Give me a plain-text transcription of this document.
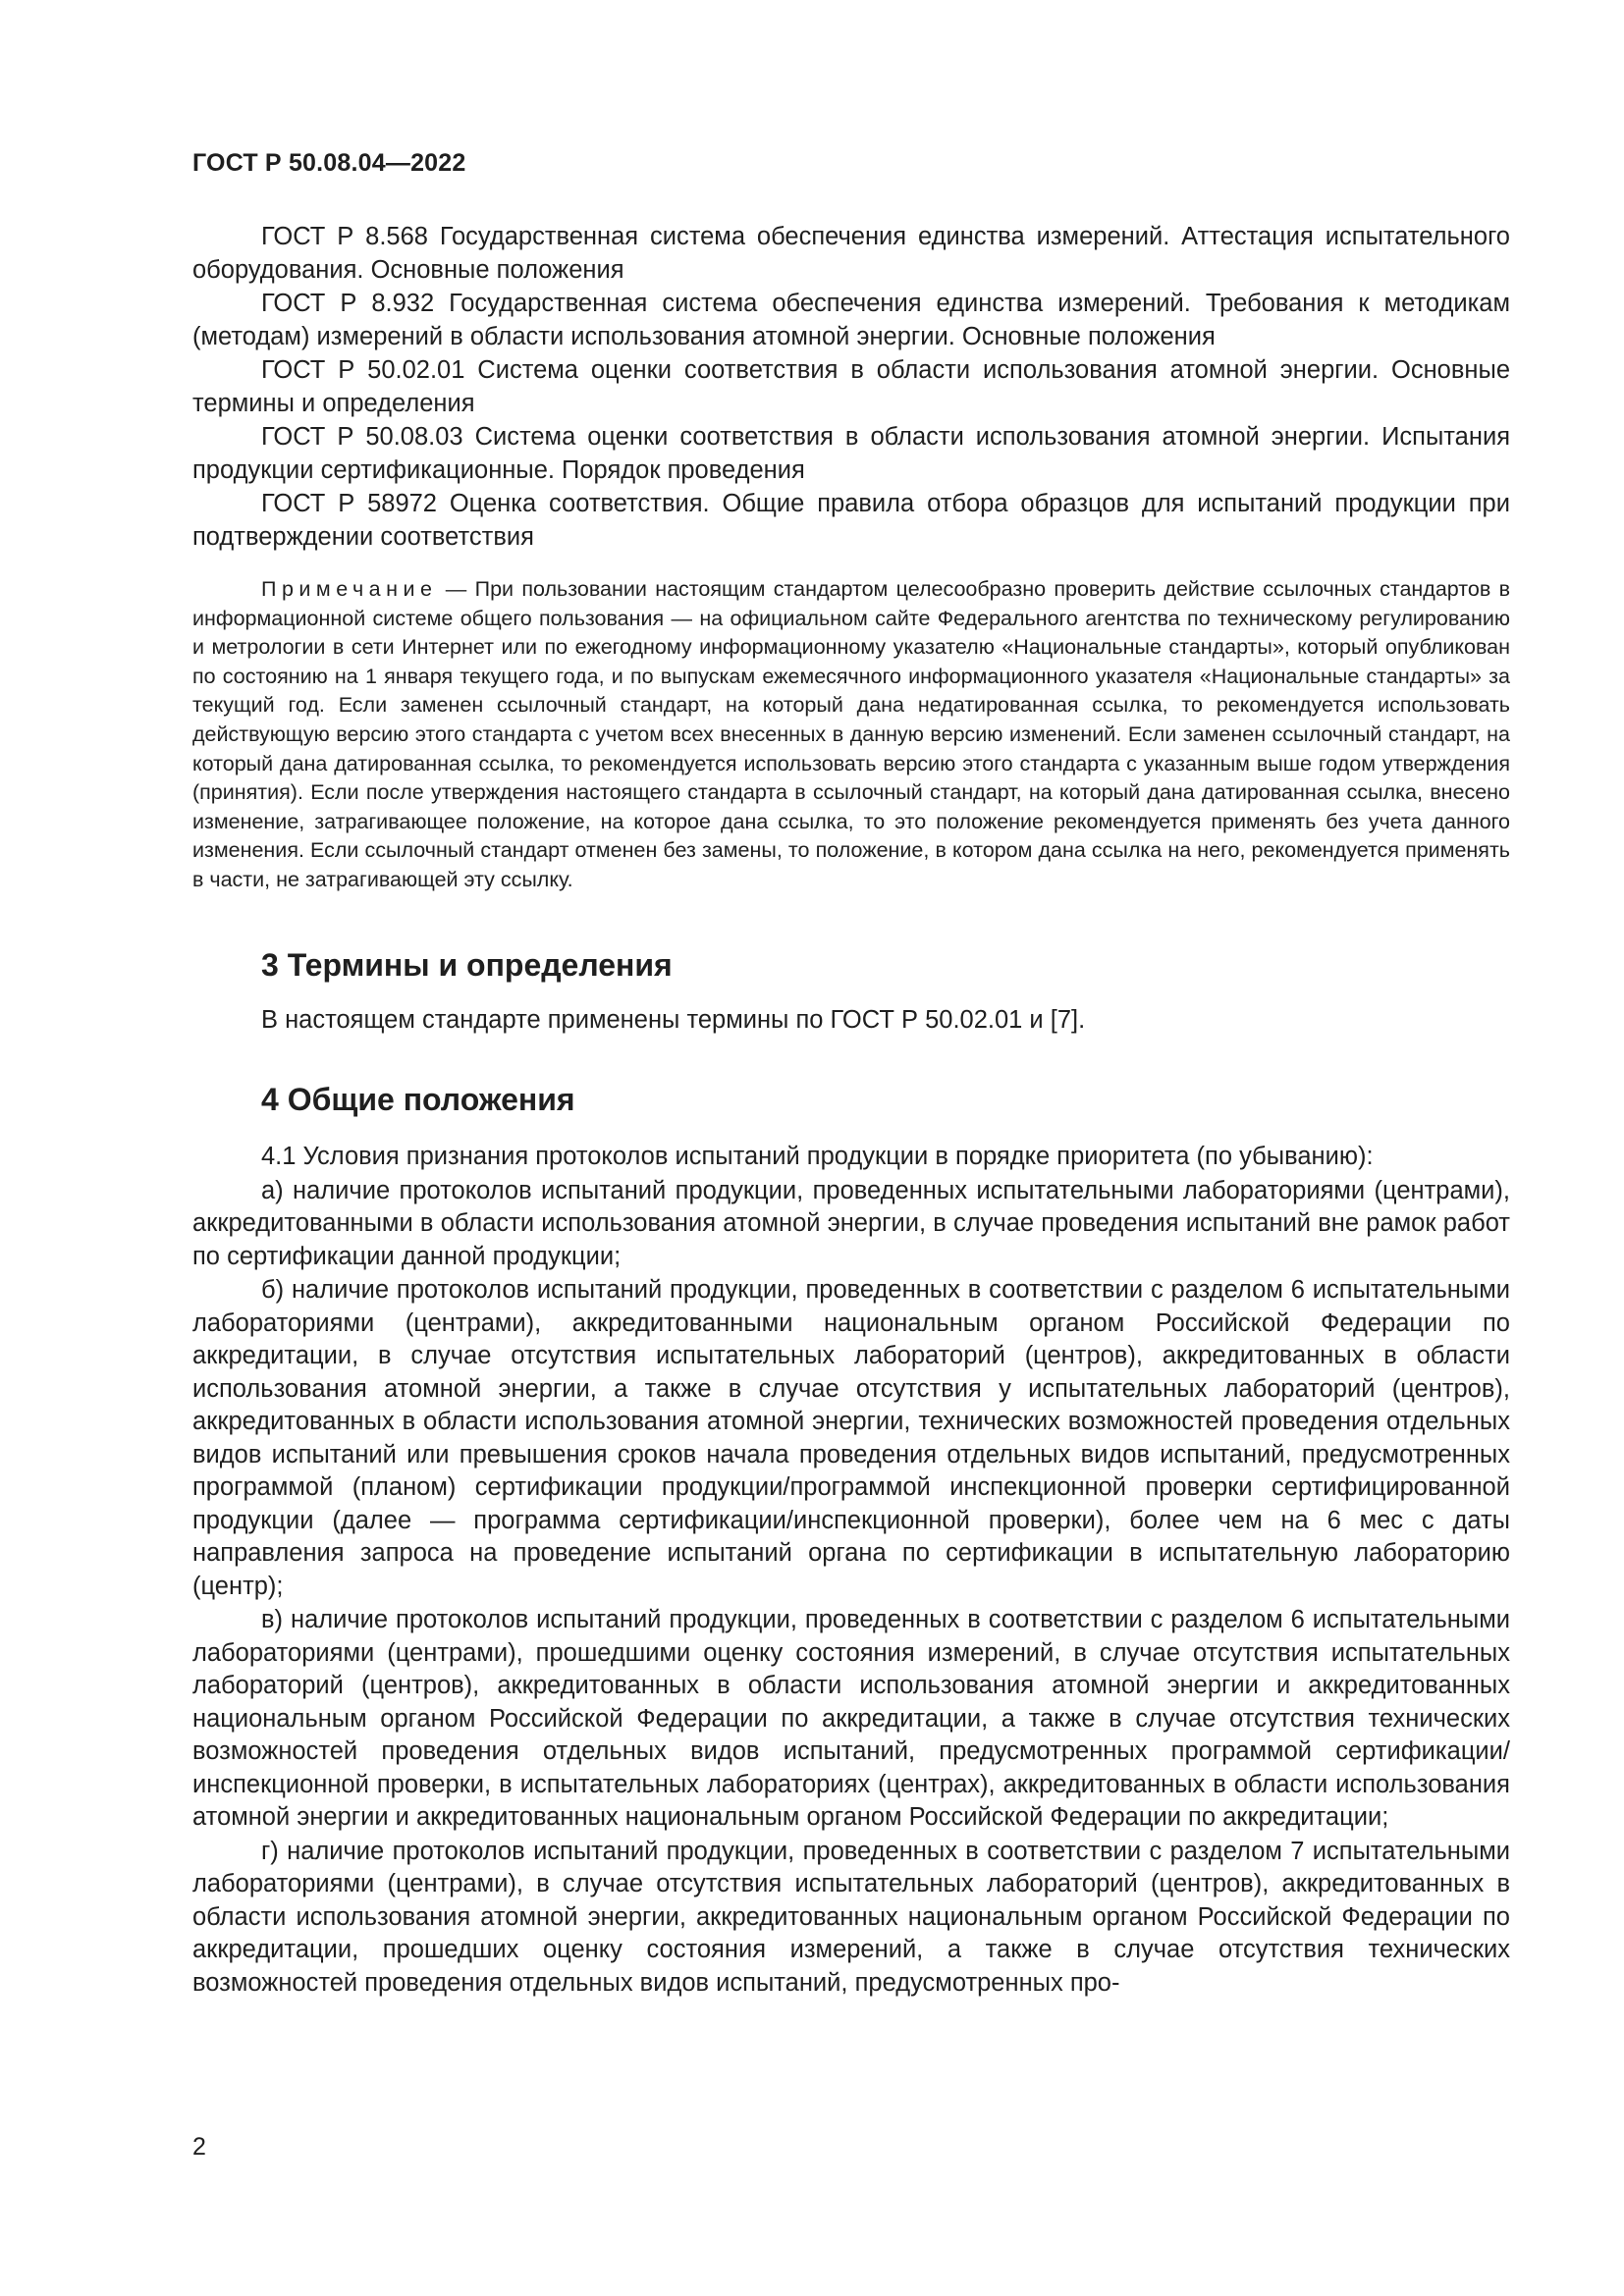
ГОСТ Р 50.08.04—2022

ГОСТ Р 8.568 Государственная система обеспечения единства измерений. Аттестация испытательного оборудования. Основные положения

ГОСТ Р 8.932 Государственная система обеспечения единства измерений. Требования к методикам (методам) измерений в области использования атомной энергии. Основные положения

ГОСТ Р 50.02.01 Система оценки соответствия в области использования атомной энергии. Основные термины и определения

ГОСТ Р 50.08.03 Система оценки соответствия в области использования атомной энергии. Испытания продукции сертификационные. Порядок проведения

ГОСТ Р 58972 Оценка соответствия. Общие правила отбора образцов для испытаний продукции при подтверждении соответствия

Примечание — При пользовании настоящим стандартом целесообразно проверить действие ссылочных стандартов в информационной системе общего пользования — на официальном сайте Федерального агентства по техническому регулированию и метрологии в сети Интернет или по ежегодному информационному указателю «Национальные стандарты», который опубликован по состоянию на 1 января текущего года, и по выпускам ежемесячного информационного указателя «Национальные стандарты» за текущий год. Если заменен ссылочный стандарт, на который дана недатированная ссылка, то рекомендуется использовать действующую версию этого стандарта с учетом всех внесенных в данную версию изменений. Если заменен ссылочный стандарт, на который дана датированная ссылка, то рекомендуется использовать версию этого стандарта с указанным выше годом утверждения (принятия). Если после утверждения настоящего стандарта в ссылочный стандарт, на который дана датированная ссылка, внесено изменение, затрагивающее положение, на которое дана ссылка, то это положение рекомендуется применять без учета данного изменения. Если ссылочный стандарт отменен без замены, то положение, в котором дана ссылка на него, рекомендуется применять в части, не затрагивающей эту ссылку.

3 Термины и определения

В настоящем стандарте применены термины по ГОСТ Р 50.02.01 и [7].

4 Общие положения

4.1 Условия признания протоколов испытаний продукции в порядке приоритета (по убыванию):

а) наличие протоколов испытаний продукции, проведенных испытательными лабораториями (центрами), аккредитованными в области использования атомной энергии, в случае проведения испытаний вне рамок работ по сертификации данной продукции;

б) наличие протоколов испытаний продукции, проведенных в соответствии с разделом 6 испытательными лабораториями (центрами), аккредитованными национальным органом Российской Федерации по аккредитации, в случае отсутствия испытательных лабораторий (центров), аккредитованных в области использования атомной энергии, а также в случае отсутствия у испытательных лабораторий (центров), аккредитованных в области использования атомной энергии, технических возможностей проведения отдельных видов испытаний или превышения сроков начала проведения отдельных видов испытаний, предусмотренных программой (планом) сертификации продукции/программой инспекционной проверки сертифицированной продукции (далее — программа сертификации/инспекционной проверки), более чем на 6 мес с даты направления запроса на проведение испытаний органа по сертификации в испытательную лабораторию (центр);

в) наличие протоколов испытаний продукции, проведенных в соответствии с разделом 6 испытательными лабораториями (центрами), прошедшими оценку состояния измерений, в случае отсутствия испытательных лабораторий (центров), аккредитованных в области использования атомной энергии и аккредитованных национальным органом Российской Федерации по аккредитации, а также в случае отсутствия технических возможностей проведения отдельных видов испытаний, предусмотренных программой сертификации/инспекционной проверки, в испытательных лабораториях (центрах), аккредитованных в области использования атомной энергии и аккредитованных национальным органом Российской Федерации по аккредитации;

г) наличие протоколов испытаний продукции, проведенных в соответствии с разделом 7 испытательными лабораториями (центрами), в случае отсутствия испытательных лабораторий (центров), аккредитованных в области использования атомной энергии, аккредитованных национальным органом Российской Федерации по аккредитации, прошедших оценку состояния измерений, а также в случае отсутствия технических возможностей проведения отдельных видов испытаний, предусмотренных про-

2
